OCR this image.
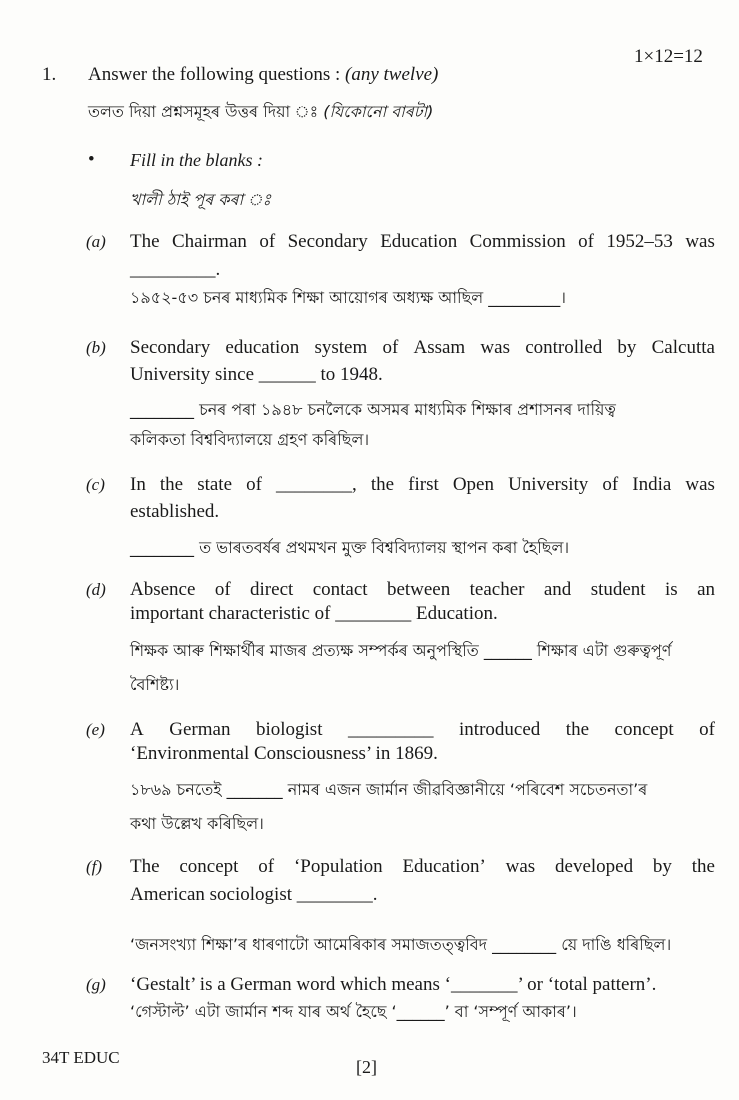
1.
1×12=12
Answer the following questions : (any twelve)
তলত দিয়া প্ৰশ্নসমূহৰ উত্তৰ দিয়া ঃ (যিকোনো বাৰটা)
• Fill in the blanks :
খালী ঠাই পূৰ কৰা ঃ
(a) The Chairman of Secondary Education Commission of 1952–53 was
_________.
১৯৫২-৫৩ চনৰ মাধ্যমিক শিক্ষা আয়োগৰ অধ্যক্ষ আছিল _________।
(b) Secondary education system of Assam was controlled by Calcutta
University since ______ to 1948.
________ চনৰ পৰা ১৯৪৮ চনলৈকে অসমৰ মাধ্যমিক শিক্ষাৰ প্ৰশাসনৰ দায়িত্ব
কলিকতা বিশ্ববিদ্যালয়ে গ্ৰহণ কৰিছিল।
(c) In the state of ________, the first Open University of India was
established.
________ ত ভাৰতবৰ্ষৰ প্ৰথমখন মুক্ত বিশ্ববিদ্যালয় স্থাপন কৰা হৈছিল।
(d) Absence of direct contact between teacher and student is an
important characteristic of ________ Education.
শিক্ষক আৰু শিক্ষাৰ্থীৰ মাজৰ প্ৰত্যক্ষ সম্পৰ্কৰ অনুপস্থিতি ______ শিক্ষাৰ এটা গুৰুত্বপূৰ্ণ
বৈশিষ্ট্য।
(e) A German biologist _________ introduced the concept of
‘Environmental Consciousness’ in 1869.
১৮৬৯ চনতেই _______ নামৰ এজন জাৰ্মান জীৱবিজ্ঞানীয়ে ‘পৰিবেশ সচেতনতা’ৰ
কথা উল্লেখ কৰিছিল।
(f) The concept of ‘Population Education’ was developed by the
American sociologist ________.
‘জনসংখ্যা শিক্ষা’ৰ ধাৰণাটো আমেৰিকাৰ সমাজতত্ত্ববিদ ________ য়ে দাঙি ধৰিছিল।
(g) ‘Gestalt’ is a German word which means ‘_______’ or ‘total pattern’.
‘গেস্টাল্ট’ এটা জাৰ্মান শব্দ যাৰ অৰ্থ হৈছে ‘______’ বা ‘সম্পূৰ্ণ আকাৰ’।
34T EDUC	[2]
